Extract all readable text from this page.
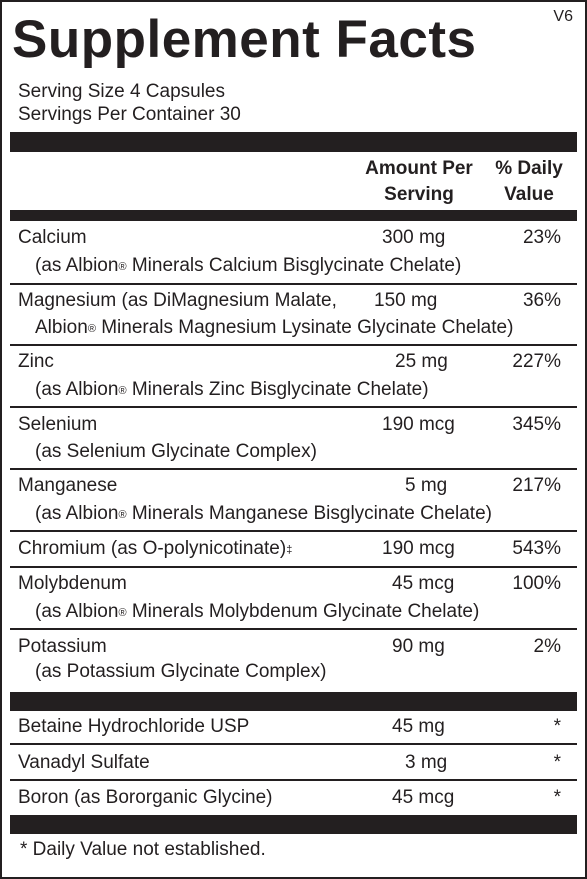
Supplement Facts	V6
Serving Size 4 Capsules
Servings Per Container 30
Amount Per
Serving
% Daily
Value
Calcium	300 mg	23%
(as Albion® Minerals Calcium Bisglycinate Chelate)
Magnesium (as DiMagnesium Malate, 150 mg	36%
Albion® Minerals Magnesium Lysinate Glycinate Chelate)
Zinc	25 mg	227%
(as Albion® Minerals Zinc Bisglycinate Chelate)
Selenium	190 mcg	345%
(as Selenium Glycinate Complex)
Manganese	5 mg	217%
(as Albion® Minerals Manganese Bisglycinate Chelate)
Chromium (as O-polynicotinate)‡	190 mcg	543%
Molybdenum	45 mcg	100%
(as Albion® Minerals Molybdenum Glycinate Chelate)
Potassium	90 mg	2%
(as Potassium Glycinate Complex)
Betaine Hydrochloride USP	45 mg	*
Vanadyl Sulfate	3 mg	*
Boron (as Bororganic Glycine)	45 mcg	*
* Daily Value not established.
